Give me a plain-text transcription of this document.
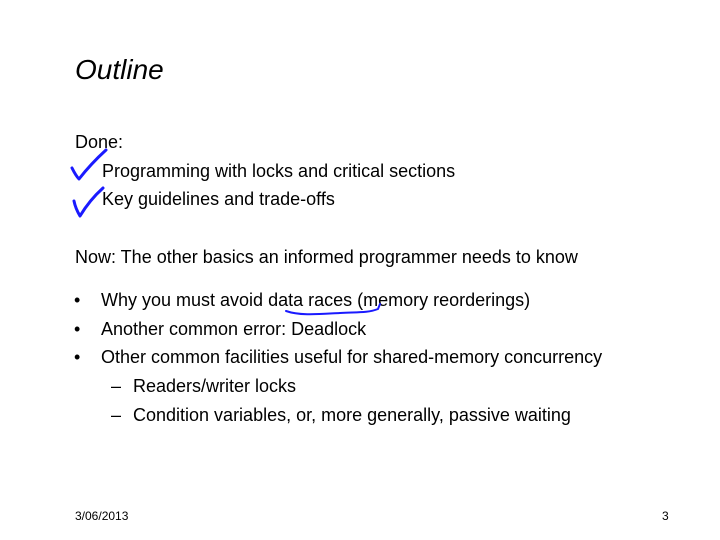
Outline
Done:
Programming with locks and critical sections
Key guidelines and trade-offs
Now: The other basics an informed programmer needs to know
• Why you must avoid data races (memory reorderings)
• Another common error: Deadlock
• Other common facilities useful for shared-memory concurrency
– Readers/writer locks
– Condition variables, or, more generally, passive waiting
3/06/2013	3
